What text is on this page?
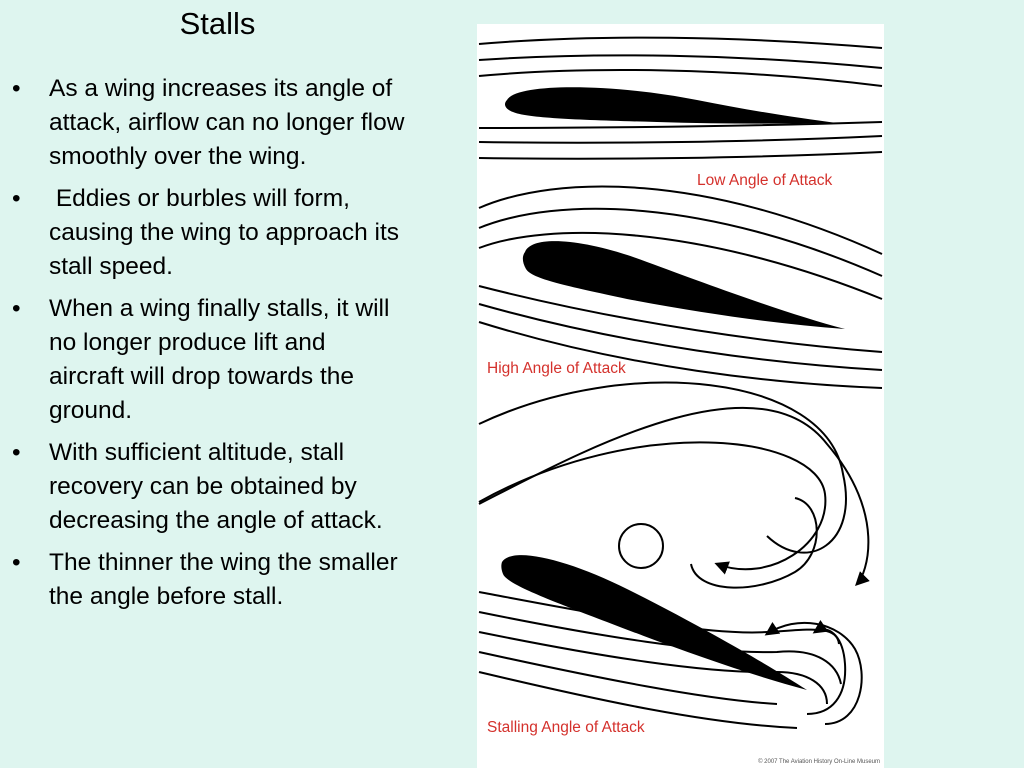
Stalls
• As a wing increases its angle of attack, airflow can no longer flow smoothly over the wing.
• Eddies or burbles will form, causing the wing to approach its stall speed.
• When a wing finally stalls, it will no longer produce lift and aircraft will drop towards the ground.
• With sufficient altitude, stall recovery can be obtained by decreasing the angle of attack.
• The thinner the wing the smaller the angle before stall.
Low Angle of Attack
High Angle of Attack
Stalling Angle of Attack
© 2007 The Aviation History On-Line Museum
